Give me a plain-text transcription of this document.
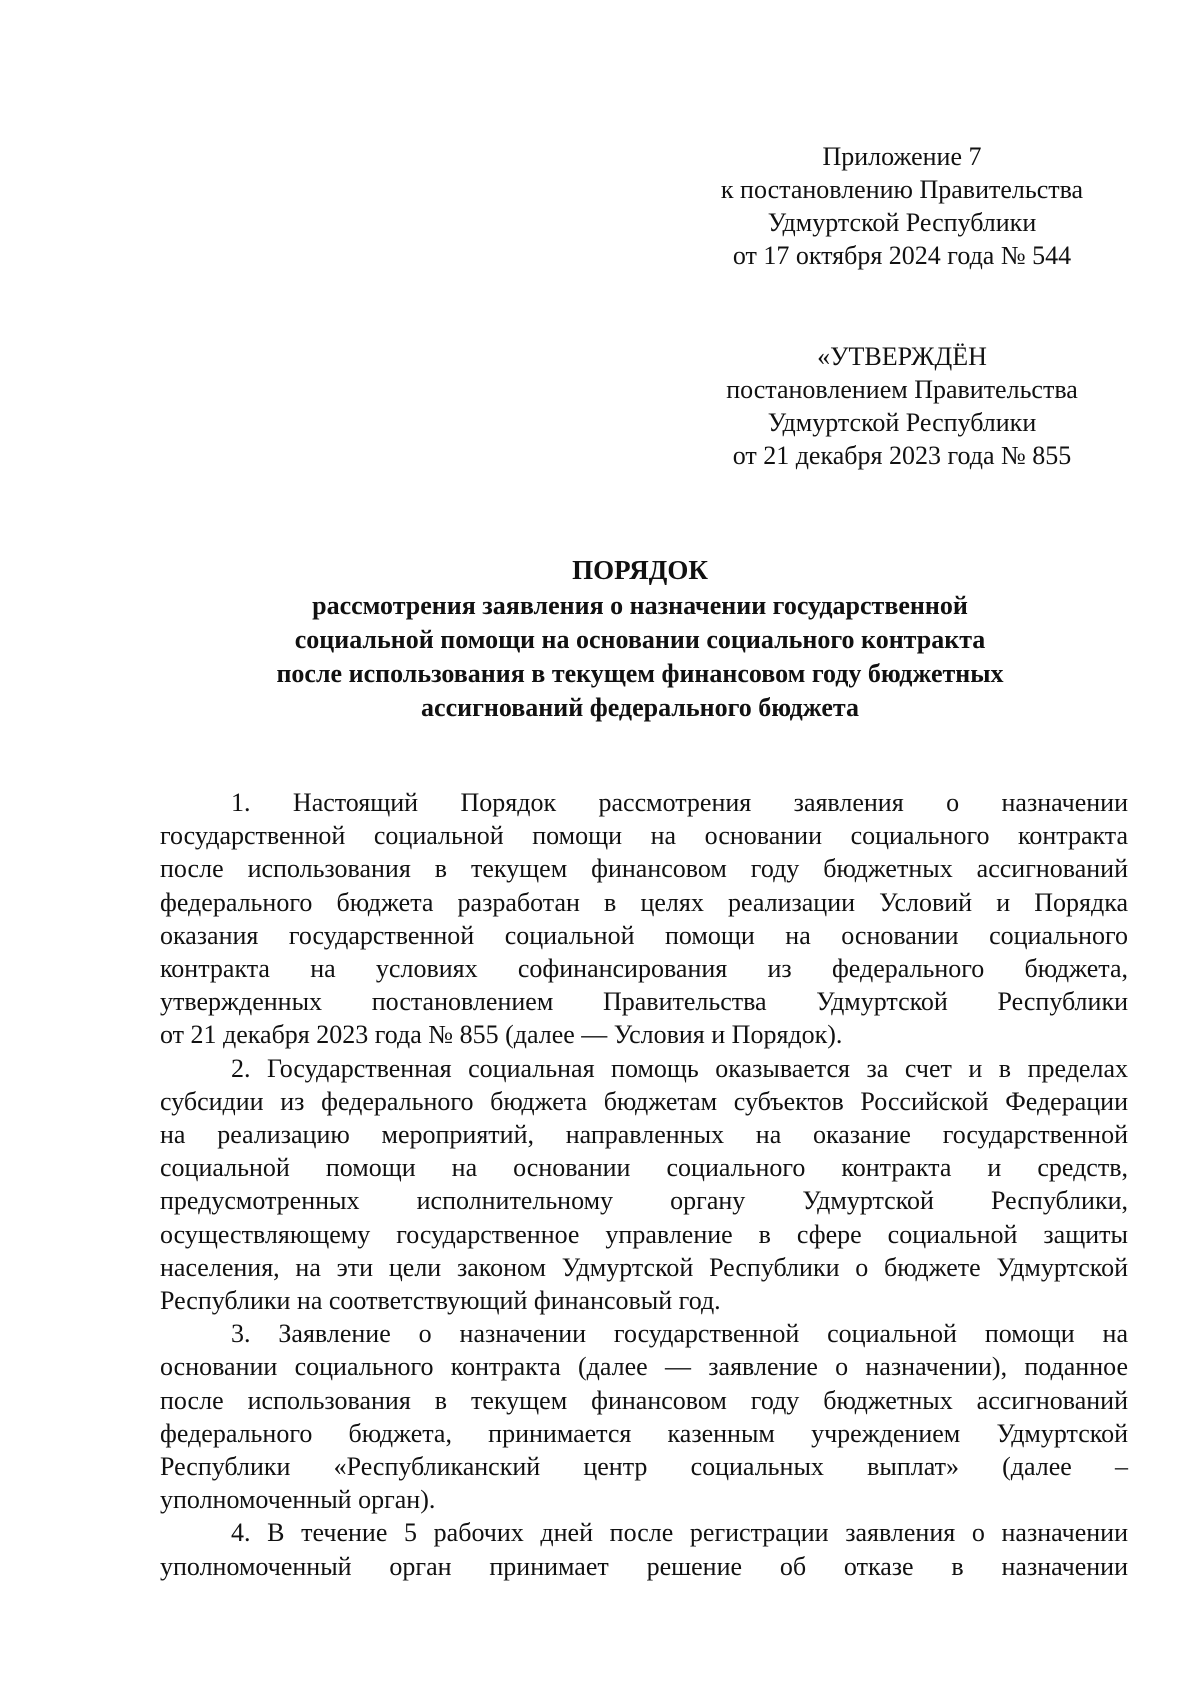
Приложение 7
к постановлению Правительства
Удмуртской Республики
от 17 октября 2024 года № 544
«УТВЕРЖДЁН
постановлением Правительства
Удмуртской Республики
от 21 декабря 2023 года № 855
ПОРЯДОК
рассмотрения заявления о назначении государственной
социальной помощи на основании социального контракта
после использования в текущем финансовом году бюджетных
ассигнований федерального бюджета

1. Настоящий Порядок рассмотрения заявления о назначении
государственной социальной помощи на основании социального контракта
после использования в текущем финансовом году бюджетных ассигнований
федерального бюджета разработан в целях реализации Условий и Порядка
оказания государственной социальной помощи на основании социального
контракта на условиях софинансирования из федерального бюджета,
утвержденных постановлением Правительства Удмуртской Республики
от 21 декабря 2023 года № 855 (далее — Условия и Порядок).

2. Государственная социальная помощь оказывается за счет и в пределах
субсидии из федерального бюджета бюджетам субъектов Российской Федерации
на реализацию мероприятий, направленных на оказание государственной
социальной помощи на основании социального контракта и средств,
предусмотренных исполнительному органу Удмуртской Республики,
осуществляющему государственное управление в сфере социальной защиты
населения, на эти цели законом Удмуртской Республики о бюджете Удмуртской
Республики на соответствующий финансовый год.

3. Заявление о назначении государственной социальной помощи на
основании социального контракта (далее — заявление о назначении), поданное
после использования в текущем финансовом году бюджетных ассигнований
федерального бюджета, принимается казенным учреждением Удмуртской
Республики «Республиканский центр социальных выплат» (далее –
уполномоченный орган).

4. В течение 5 рабочих дней после регистрации заявления о назначении
уполномоченный орган принимает решение об отказе в назначении
